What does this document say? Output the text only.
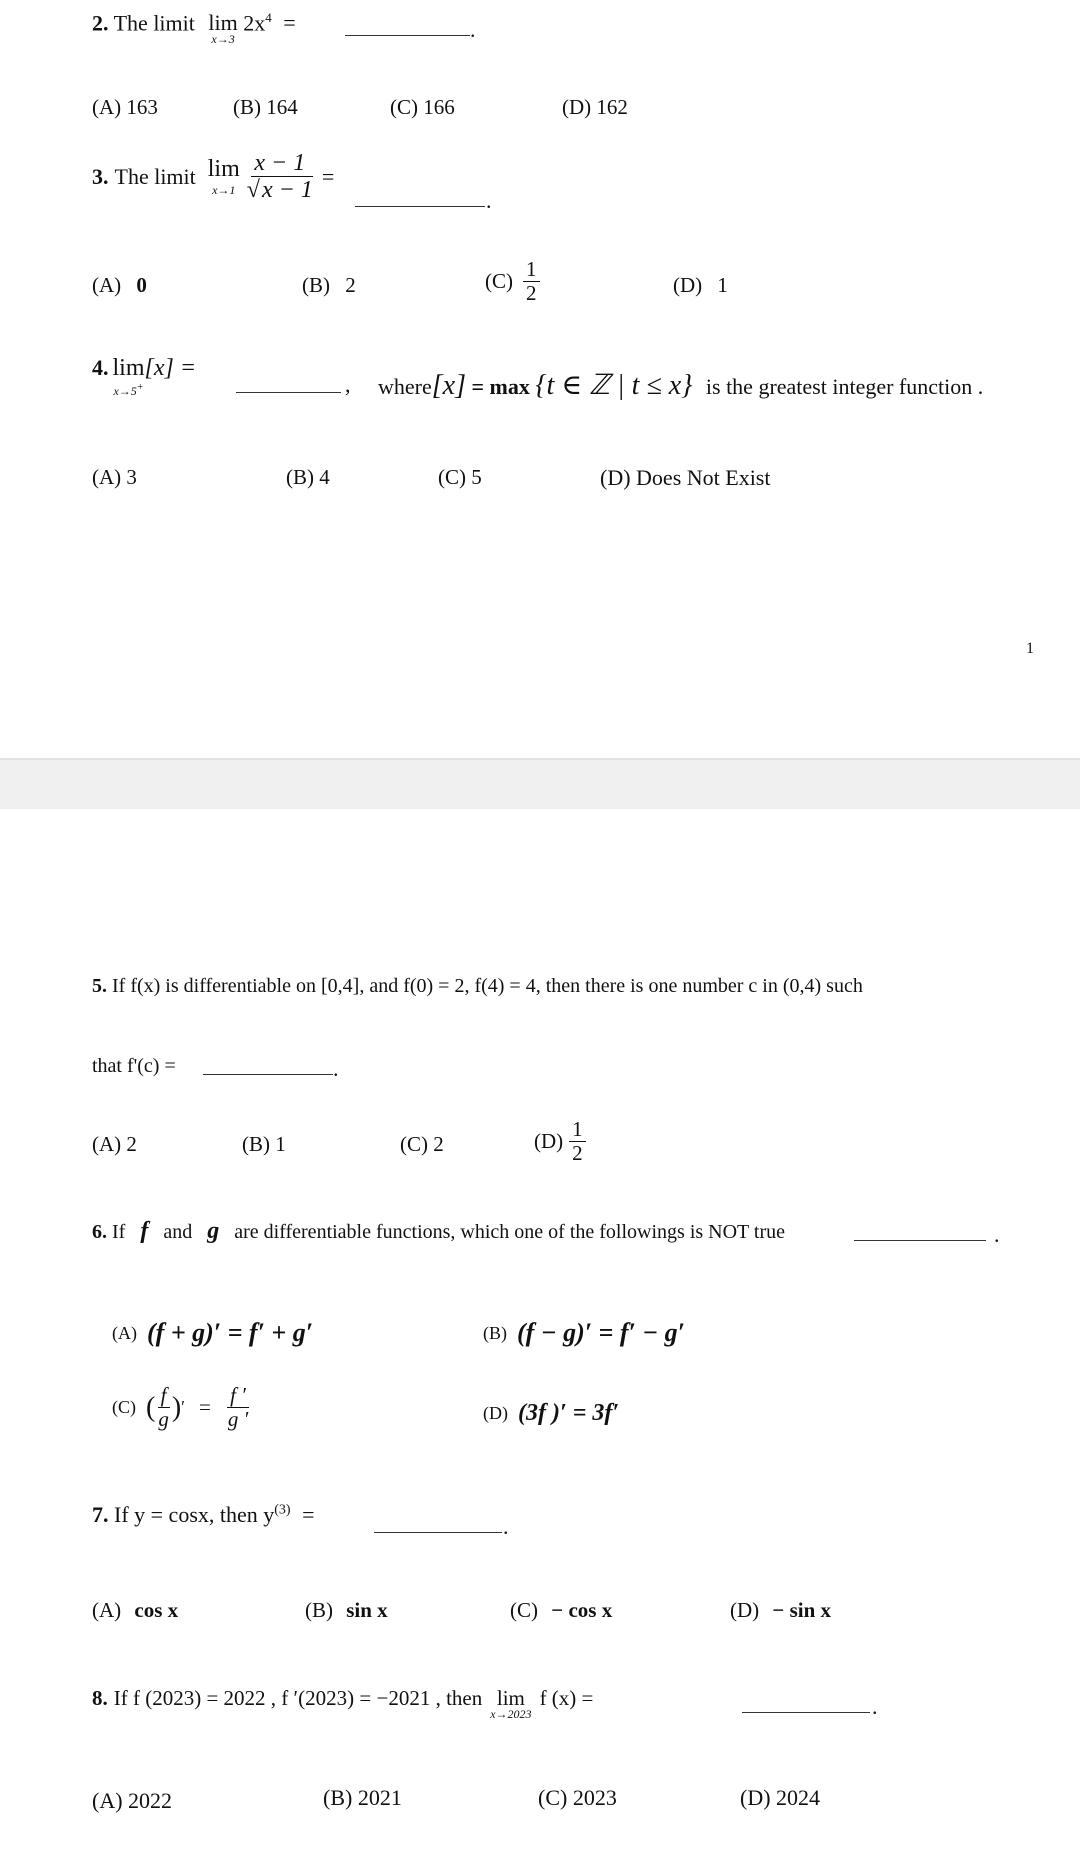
2. The limit lim
x→3
$2x^4$ =	.
(A) 163	(B) 164	(C) 166	(D) 162
3. The limit lim
$x\to 1 \frac{x - 1}{√x - 1}$ =
.
(A) 0	(B) 2	$(C) \frac{1}{2}$	(D) 1
4. lim
x→5+
[x] =
, where[x] = max {t ∈ ℤ | t ≤ x} is the greatest integer function .
(A) 3	(B) 4	(C) 5	(D) Does Not Exist
1
5. If f(x) is differentiable on [0,4], and f(0) = 2, f(4) = 4, then there is one number c in (0,4) such
that f'(c) =	.
(A) 2	(B) 1	(C) 2	$(D) \frac{1}{2}$
6. If f and g are differentiable functions, which one of the followings is NOT true	.
(A) (f + g)′ = f′ + g′	(B) (f − g)′ = f′ − g′
(C) ( $\frac{f}{g}$ ) ′ = $\frac{f '}{g '}$	(D) (3f )′ = 3f′
7. If y = cosx, then $y^{(3)}$ =	.
(A) cos x	(B) sin x	(C) − cos x	(D) − sin x
8. If f (2023) = 2022 , f ′(2023) = −2021 , then lim
x→2023
f (x) =	.
(A) 2022	(B) 2021	(C) 2023	(D) 2024
